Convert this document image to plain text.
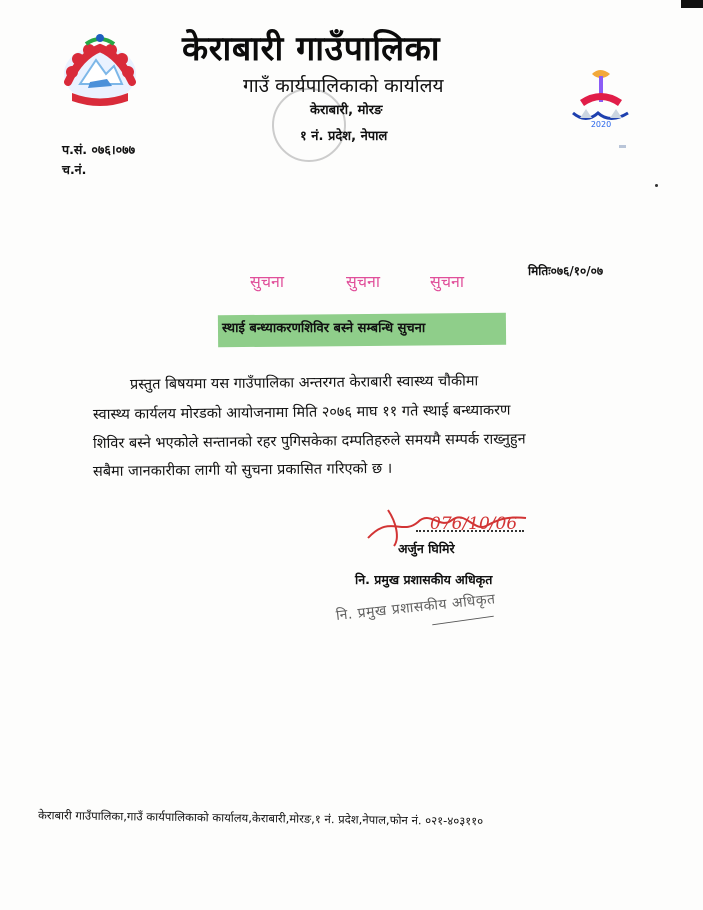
केराबारी गाउँपालिका
गाउँ कार्यपालिकाको कार्यालय
केराबारी, मोरङ
१ नं. प्रदेश, नेपाल
2020
प.सं. ०७६।०७७
च.नं.
मितिः०७६/१०/०७
सुचना	सुचना	सुचना
स्थाई बन्ध्याकरणशिविर बस्ने सम्बन्धि सुचना
प्रस्तुत बिषयमा यस गाउँपालिका अन्तरगत केराबारी स्वास्थ्य चौकीमा
स्वास्थ्य कार्यलय मोरडको आयोजनामा मिति २०७६ माघ ११ गते स्थाई बन्ध्याकरण
शिविर बस्ने भएकोले सन्तानको रहर पुगिसकेका दम्पतिहरुले समयमै सम्पर्क राख्नुहुन
सबैमा जानकारीका लागी यो सुचना प्रकासित गरिएको छ ।
076/10/06
अर्जुन घिमिरे
नि. प्रमुख प्रशासकीय अधिकृत
नि. प्रमुख प्रशासकीय अधिकृत
केराबारी गाउँपालिका,गाउँ कार्यपालिकाको कार्यालय,केराबारी,मोरङ,१ नं. प्रदेश,नेपाल,फोन नं. ०२१-४०३११०
